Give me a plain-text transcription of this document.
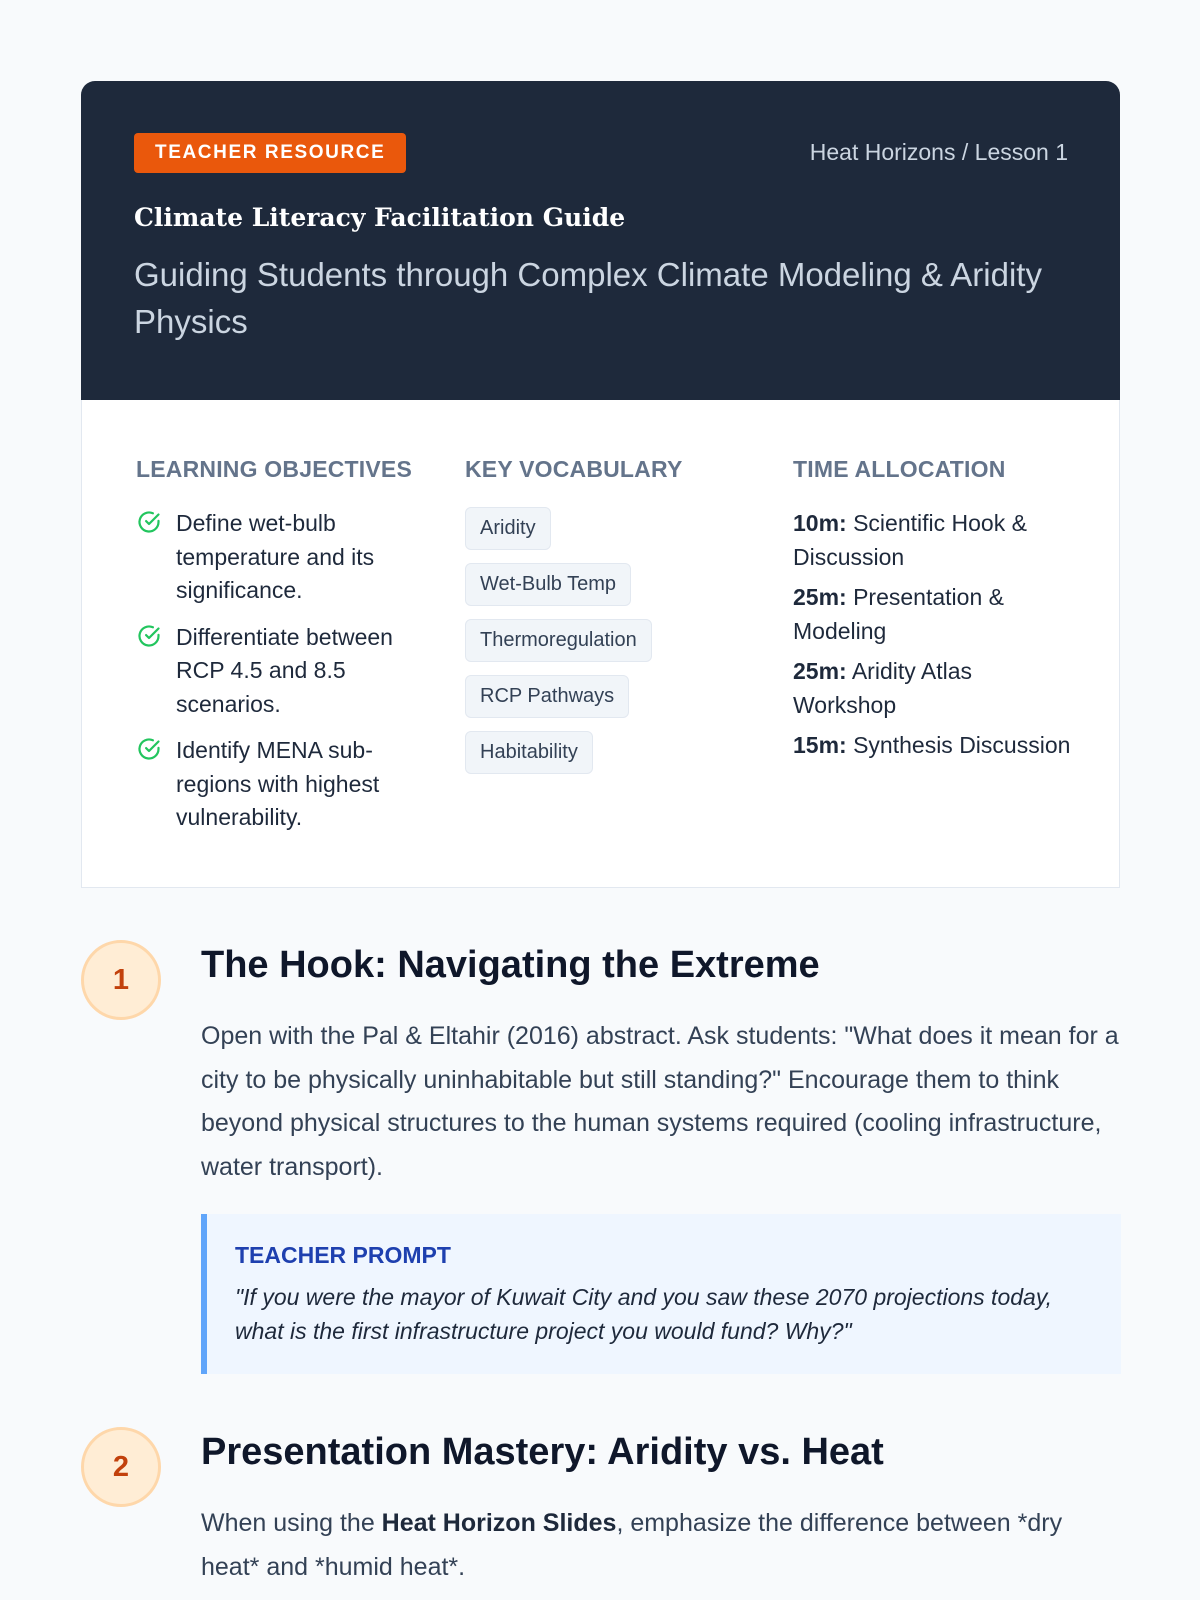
TEACHER RESOURCE	Heat Horizons / Lesson 1
Climate Literacy Facilitation Guide
Guiding Students through Complex Climate Modeling & Aridity Physics
LEARNING OBJECTIVES
Define wet-bulb temperature and its significance.
Differentiate between RCP 4.5 and 8.5 scenarios.
Identify MENA sub-regions with highest vulnerability.
KEY VOCABULARY
Aridity
Wet-Bulb Temp
Thermoregulation
RCP Pathways
Habitability
TIME ALLOCATION
10m: Scientific Hook & Discussion
25m: Presentation & Modeling
25m: Aridity Atlas Workshop
15m: Synthesis Discussion
1	The Hook: Navigating the Extreme
Open with the Pal & Eltahir (2016) abstract. Ask students: "What does it mean for a city to be physically uninhabitable but still standing?" Encourage them to think beyond physical structures to the human systems required (cooling infrastructure, water transport).
TEACHER PROMPT
"If you were the mayor of Kuwait City and you saw these 2070 projections today, what is the first infrastructure project you would fund? Why?"
2	Presentation Mastery: Aridity vs. Heat
When using the Heat Horizon Slides, emphasize the difference between *dry heat* and *humid heat*.
